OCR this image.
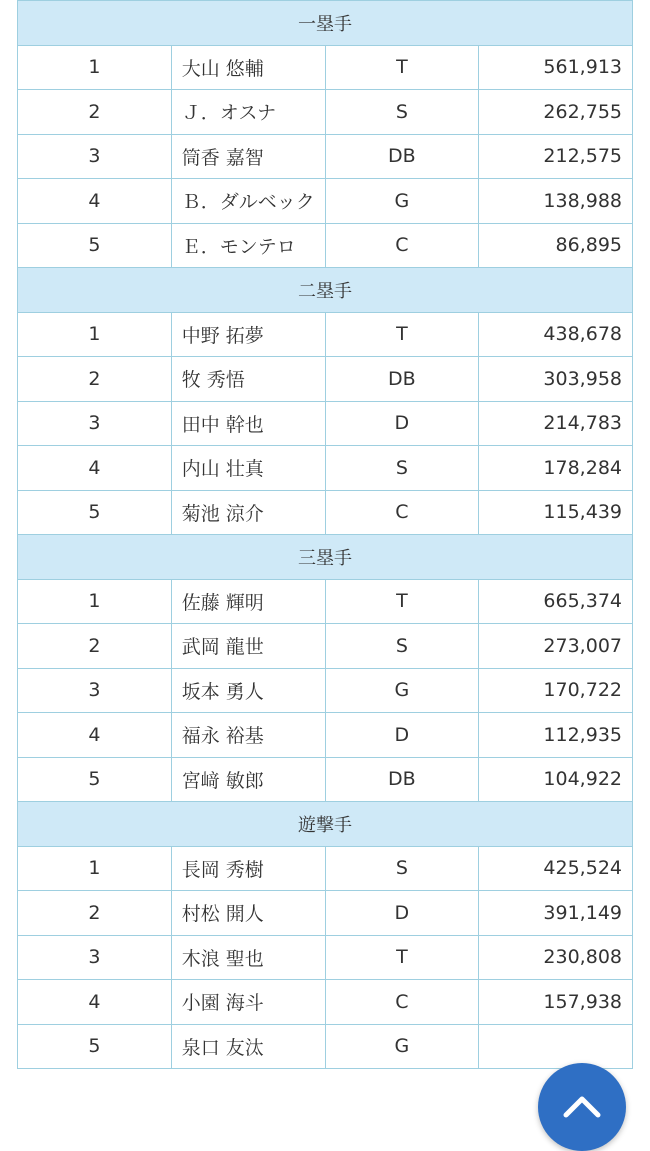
一塁手			
1	大山 悠輔	T	561,913
2	Ｊ．オスナ	S	262,755
3	筒香 嘉智	DB	212,575
4	Ｂ．ダルベック	G	138,988
5	Ｅ．モンテロ	C	86,895
二塁手			
1	中野 拓夢	T	438,678
2	牧 秀悟	DB	303,958
3	田中 幹也	D	214,783
4	内山 壮真	S	178,284
5	菊池 涼介	C	115,439
三塁手			
1	佐藤 輝明	T	665,374
2	武岡 龍世	S	273,007
3	坂本 勇人	G	170,722
4	福永 裕基	D	112,935
5	宮﨑 敏郎	DB	104,922
遊撃手			
1	長岡 秀樹	S	425,524
2	村松 開人	D	391,149
3	木浪 聖也	T	230,808
4	小園 海斗	C	157,938
5	泉口 友汰	G	
